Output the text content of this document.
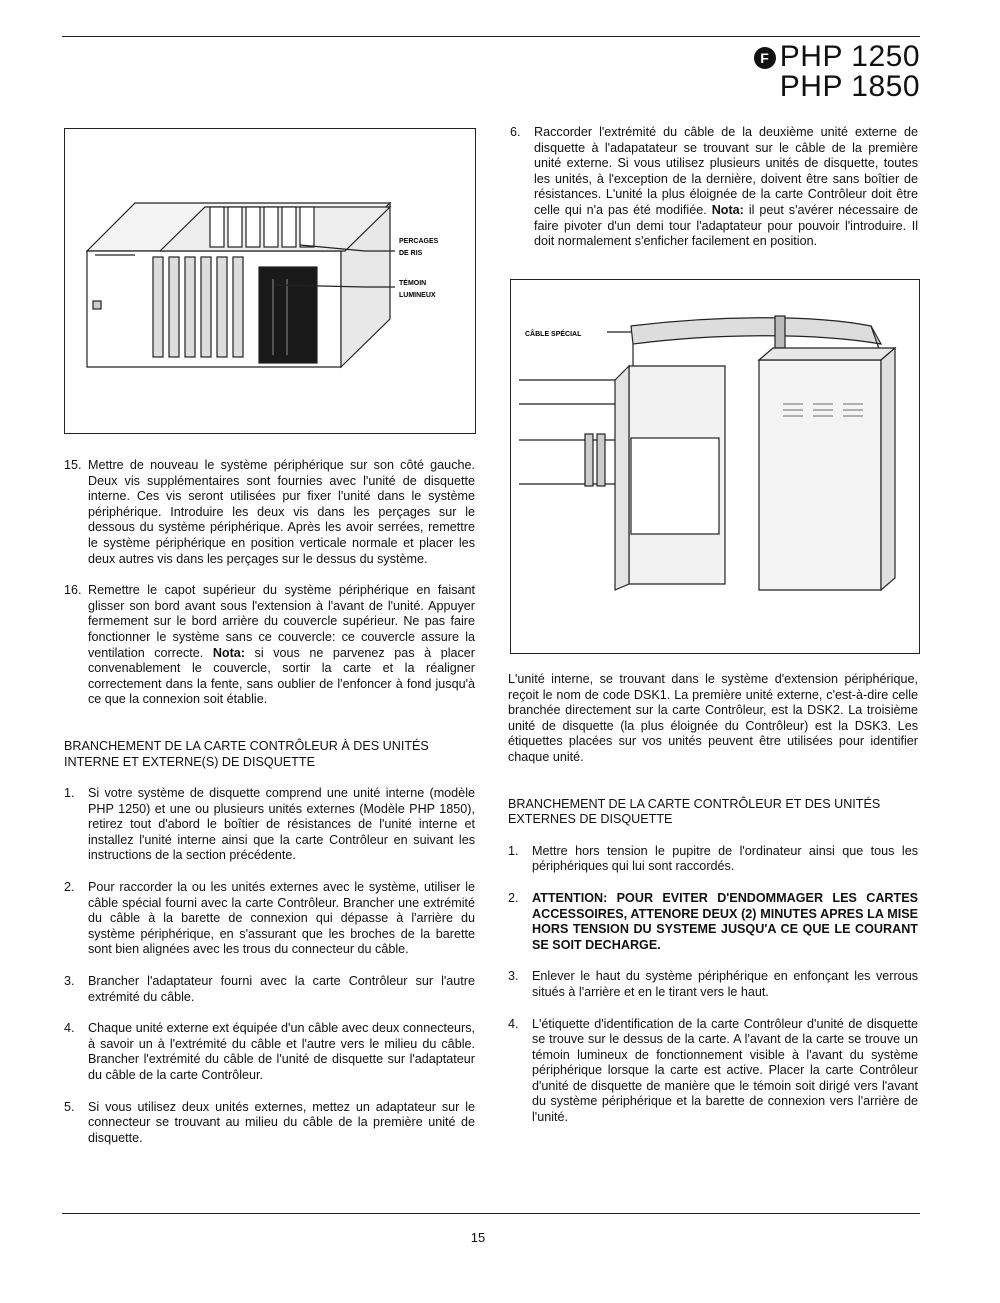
F PHP 1250
PHP 1850
PERCAGES
DE RIS
TÉMOIN
LUMINEUX
CÂBLE SPÉCIAL
6. Raccorder l'extrémité du câble de la deuxième unité externe de disquette à l'adapatateur se trouvant sur le câble de la première unité externe. Si vous utilisez plusieurs unités de disquette, toutes les unités, à l'exception de la dernière, doivent être sans boîtier de résistances. L'unité la plus éloignée de la carte Contrôleur doit être celle qui n'a pas été modifiée. Nota: il peut s'avérer nécessaire de faire pivoter d'un demi tour l'adaptateur pour pouvoir l'introduire. Il doit normalement s'enficher facilement en position.
15. Mettre de nouveau le système périphérique sur son côté gauche. Deux vis supplémentaires sont fournies avec l'unité de disquette interne. Ces vis seront utilisées pur fixer l'unité dans le système périphérique. Introduire les deux vis dans les perçages sur le dessous du système périphérique. Après les avoir serrées, remettre le système périphérique en position verticale normale et placer les deux autres vis dans les perçages sur le dessus du système.
16. Remettre le capot supérieur du système périphérique en faisant glisser son bord avant sous l'extension à l'avant de l'unité. Appuyer fermement sur le bord arrière du couvercle supérieur. Ne pas faire fonctionner le système sans ce couvercle: ce couvercle assure la ventilation correcte. Nota: si vous ne parvenez pas à placer convenablement le couvercle, sortir la carte et la réaligner correctement dans la fente, sans oublier de l'enfoncer à fond jusqu'à ce que la connexion soit établie.
BRANCHEMENT DE LA CARTE CONTRÔLEUR À DES UNITÉS INTERNE ET EXTERNE(S) DE DISQUETTE
1. Si votre système de disquette comprend une unité interne (modèle PHP 1250) et une ou plusieurs unités externes (Modèle PHP 1850), retirez tout d'abord le boîtier de résistances de l'unité interne et installez l'unité interne ainsi que la carte Contrôleur en suivant les instructions de la section précédente.
2. Pour raccorder la ou les unités externes avec le système, utiliser le câble spécial fourni avec la carte Contrôleur. Brancher une extrémité du câble à la barette de connexion qui dépasse à l'arrière du système périphérique, en s'assurant que les broches de la barette sont bien alignées avec les trous du connecteur du câble.
3. Brancher l'adaptateur fourni avec la carte Contrôleur sur l'autre extrémité du câble.
4. Chaque unité externe ext équipée d'un câble avec deux connecteurs, à savoir un à l'extrémité du câble et l'autre vers le milieu du câble. Brancher l'extrémité du câble de l'unité de disquette sur l'adaptateur du câble de la carte Contrôleur.
5. Si vous utilisez deux unités externes, mettez un adaptateur sur le connecteur se trouvant au milieu du câble de la première unité de disquette.
L'unité interne, se trouvant dans le système d'extension périphérique, reçoit le nom de code DSK1. La première unité externe, c'est-à-dire celle branchée directement sur la carte Contrôleur, est la DSK2. La troisième unité de disquette (la plus éloignée du Contrôleur) est la DSK3. Les étiquettes placées sur vos unités peuvent être utilisées pour identifier chaque unité.
BRANCHEMENT DE LA CARTE CONTRÔLEUR ET DES UNITÉS EXTERNES DE DISQUETTE
1. Mettre hors tension le pupitre de l'ordinateur ainsi que tous les périphériques qui lui sont raccordés.
2. ATTENTION: POUR EVITER D'ENDOMMAGER LES CARTES ACCESSOIRES, ATTENORE DEUX (2) MINUTES APRES LA MISE HORS TENSION DU SYSTEME JUSQU'A CE QUE LE COURANT SE SOIT DECHARGE.
3. Enlever le haut du système périphérique en enfonçant les verrous situés à l'arrière et en le tirant vers le haut.
4. L'étiquette d'identification de la carte Contrôleur d'unité de disquette se trouve sur le dessus de la carte. A l'avant de la carte se trouve un témoin lumineux de fonctionnement visible à l'avant du système périphérique lorsque la carte est active. Placer la carte Contrôleur d'unité de disquette de manière que le témoin soit dirigé vers l'avant du système périphérique et la barette de connexion vers l'arrière de l'unité.
15
